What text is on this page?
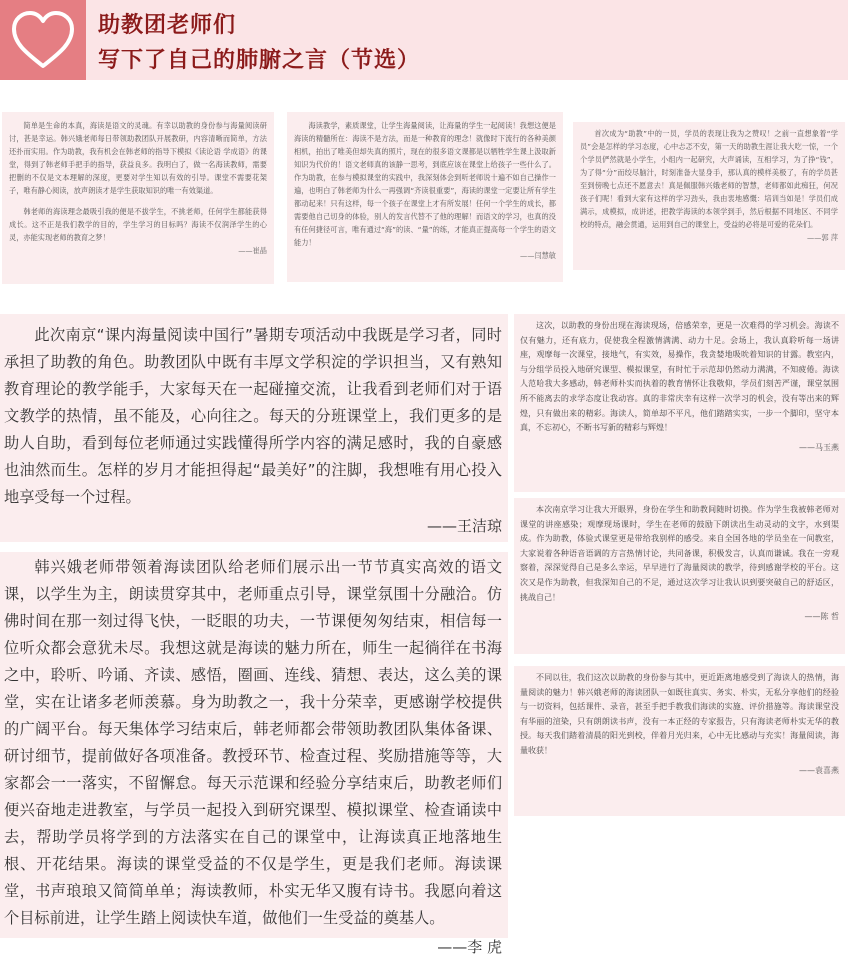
助教团老师们
写下了自己的肺腑之言（节选）

简单是生命的本真，海读是语文的灵魂。有幸以助教的身份参与海量阅读研讨，甚是幸运。韩兴娥老师每日带领助教团队开展教研，内容清晰而简单，方法还扑而实用。作为助教，我有机会在韩老师的指导下模拟《读论语 学成语》的课堂，得到了韩老师手把手的指导，获益良多。我明白了，做一名海读教师，需要把删的不仅是文本理解的深度，更要对学生知以有效的引导。课堂不需要花架子，唯有静心阅读，放声朗读才是学生获取知识的唯一有效渠道。

韩老师的海读理念最吸引我的便是不拔学生，不挑老师，任何学生都能获得成长。这不正是我们教学的目的，学生学习的目标吗？海读不仅润泽学生的心灵，亦能实现老师的教育之梦！

——崔晶

海读教学，素质课堂，让学生海量阅读，让海量的学生一起阅读！我想这便是海读的精髓所在：海读不是方法，而是一种教育的理念！就像时下流行的各种美颜相机，拍出了唯美但却失真的照片，现在的很多语文课都是以牺牲学生课上汲取新知识为代价的！语文老师真的该静一思考，到底应该在课堂上给孩子一些什么了。作为助教，在参与模拟课堂的实践中，我深刻体会到听老师说十遍不如自己操作一遍，也明白了韩老师为什么一再强调“齐读很重要”，海读的课堂一定要让所有学生都动起来！只有这样，每一个孩子在课堂上才有所发展！任何一个学生的成长，都需要他自己切身的体验，别人的发言代替不了他的理解！而语文的学习，也真的没有任何捷径可言，唯有通过“海”的读、“量”的练，才能真正提高每一个学生的语文能力！

——闫慧敏

首次成为“助教”中的一员，学员的表现让我为之赞叹！之前一直想象着“学员”会是怎样的学习态度，心中忐忑不安，第一天的助教生涯让我大吃一惊，一个个学员俨然就是小学生，小组内一起研究，大声诵读，互相学习，为了挣“钱”，为了得“分”而绞尽脑汁，时刻准备大显身手，那认真的模样美极了，有的学员甚至到傍晚七点还不愿意去！真是佩服韩兴娥老师的智慧，老师都如此痴狂，何况孩子们呢！看到大家有这样的学习劲头，我由衷地感慨：培训当如是！学员们成满示，成模拟，成讲述，把教学海读的本领学到手，然后根据不同地区、不同学校的特点，融会贯通，运用到自己的课堂上，受益的必将是可爱的花朵们。

——郭 萍

此次南京“课内海量阅读中国行”暑期专项活动中我既是学习者，同时承担了助教的角色。助教团队中既有丰厚文学积淀的学识担当，又有熟知教育理论的教学能手，大家每天在一起碰撞交流，让我看到老师们对于语文教学的热情，虽不能及，心向往之。每天的分班课堂上，我们更多的是助人自助，看到每位老师通过实践懂得所学内容的满足感时，我的自豪感也油然而生。怎样的岁月才能担得起“最美好”的注脚，我想唯有用心投入地享受每一个过程。

——王洁琼

韩兴娥老师带领着海读团队给老师们展示出一节节真实高效的语文课，以学生为主，朗读贯穿其中，老师重点引导，课堂氛围十分融洽。仿佛时间在那一刻过得飞快，一眨眼的功夫，一节课便匆匆结束，相信每一位听众都会意犹未尽。我想这就是海读的魅力所在，师生一起徜徉在书海之中，聆听、吟诵、齐读、感悟，圈画、连线、猜想、表达，这么美的课堂，实在让诸多老师羡慕。身为助教之一，我十分荣幸，更感谢学校提供的广阔平台。每天集体学习结束后，韩老师都会带领助教团队集体备课、研讨细节，提前做好各项准备。教授环节、检查过程、奖励措施等等，大家都会一一落实，不留懈怠。每天示范课和经验分享结束后，助教老师们便兴奋地走进教室，与学员一起投入到研究课型、模拟课堂、检查诵读中去，帮助学员将学到的方法落实在自己的课堂中，让海读真正地落地生根、开花结果。海读的课堂受益的不仅是学生，更是我们老师。海读课堂，书声琅琅又简简单单；海读教师，朴实无华又腹有诗书。我愿向着这个目标前进，让学生踏上阅读快车道，做他们一生受益的奠基人。

——李 虎

这次，以助教的身份出现在海读现场，倍感荣幸，更是一次难得的学习机会。海读不仅有魅力，还有底力，促使我全程激情满满、动力十足。会场上，我认真聆听每一场讲座，观摩每一次课堂，接地气，有实效，易操作，我贪婪地吸吮着知识的甘露。教室内，与分组学员投入地研究课型、模拟课堂，有时忙于示范却仍然动力满满，不知疲倦。海读人范哈我大多感动，韩老师朴实而执着的教育情怀让我敬仰，学员们刻苦严谨，课堂氛围所不能离去的求学态度让我动容。真的非常庆幸有这样一次学习的机会，没有等出来的辉煌，只有做出来的精彩。海读人，简单却不平凡，他们踏踏实实，一步一个脚印，坚守本真，不忘初心，不断书写新的精彩与辉煌！

——马玉燕

本次南京学习让我大开眼界，身份在学生和助教间随时切换。作为学生我被韩老师对课堂的讲座感染；观摩现场课时，学生在老师的鼓励下朗读出生动灵动的文字，水到渠成。作为助教，体验式课堂更是带给我别样的感受。来自全国各地的学员坐在一间教室，大家说着各种语音语调的方言热情讨论，共同备课，积极发言，认真而谦诚。我在一旁观察着，深深觉得自己是多么幸运，早早进行了海量阅读的教学，待到感谢学校的平台。这次又是作为助教，但我深知自己的不足，通过这次学习让我认识到要突破自己的舒适区，挑战自己！

——陈 哲

不同以往，我们这次以助教的身份参与其中，更近距离地感受到了海读人的热情，海量阅读的魅力！韩兴娥老师的海读团队一如既往真实、务实、朴实，无私分享他们的经验与一切资料，包括课件、录音，甚至手把手教我们海读的实施、评价措施等。海读课堂没有华丽的渲染，只有朗朗读书声，没有一本正经的专家报告，只有海读老师朴实无华的教授。每天我们踏着清晨的阳光到校，伴着月光归来，心中无比感动与充实！海量阅读，海量收获！

——袁喜燕
